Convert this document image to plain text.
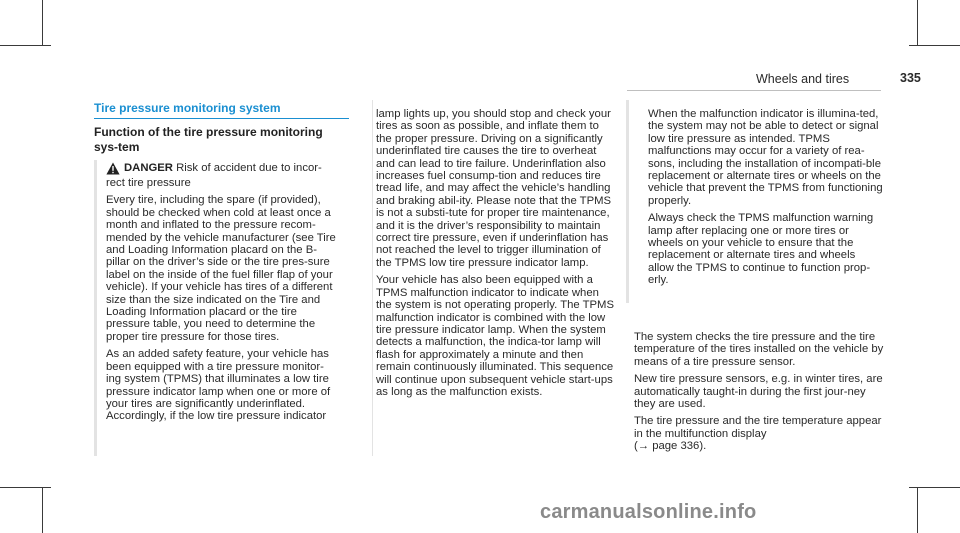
Wheels and tires	335
Tire pressure monitoring system
Function of the tire pressure monitoring sys-tem
DANGER Risk of accident due to incor-

rect tire pressure

Every tire, including the spare (if provided), should be checked when cold at least once a month and inflated to the pressure recom-mended by the vehicle manufacturer (see Tire and Loading Information placard on the B-pillar on the driver’s side or the tire pres-sure label on the inside of the fuel filler flap of your vehicle). If your vehicle has tires of a different size than the size indicated on the Tire and Loading Information placard or the tire pressure table, you need to determine the proper tire pressure for those tires.

As an added safety feature, your vehicle has been equipped with a tire pressure monitor-ing system (TPMS) that illuminates a low tire pressure indicator lamp when one or more of your tires are significantly underinflated. Accordingly, if the low tire pressure indicator

lamp lights up, you should stop and check your tires as soon as possible, and inflate them to the proper pressure. Driving on a significantly underinflated tire causes the tire to overheat and can lead to tire failure. Underinflation also increases fuel consump-tion and reduces tire tread life, and may affect the vehicle’s handling and braking abil-ity. Please note that the TPMS is not a substi-tute for proper tire maintenance, and it is the driver’s responsibility to maintain correct tire pressure, even if underinflation has not reached the level to trigger illumination of the TPMS low tire pressure indicator lamp.

Your vehicle has also been equipped with a TPMS malfunction indicator to indicate when the system is not operating properly. The TPMS malfunction indicator is combined with the low tire pressure indicator lamp. When the system detects a malfunction, the indica-tor lamp will flash for approximately a minute and then remain continuously illuminated. This sequence will continue upon subsequent vehicle start-ups as long as the malfunction exists.

When the malfunction indicator is illumina-ted, the system may not be able to detect or signal low tire pressure as intended. TPMS malfunctions may occur for a variety of rea-sons, including the installation of incompati-ble replacement or alternate tires or wheels on the vehicle that prevent the TPMS from functioning properly.

Always check the TPMS malfunction warning lamp after replacing one or more tires or wheels on your vehicle to ensure that the replacement or alternate tires and wheels allow the TPMS to continue to function prop-erly.

The system checks the tire pressure and the tire temperature of the tires installed on the vehicle by means of a tire pressure sensor.

New tire pressure sensors, e.g. in winter tires, are automatically taught-in during the first jour-ney they are used.

The tire pressure and the tire temperature appear in the multifunction display

(→ page 336).

carmanualsonline.info
